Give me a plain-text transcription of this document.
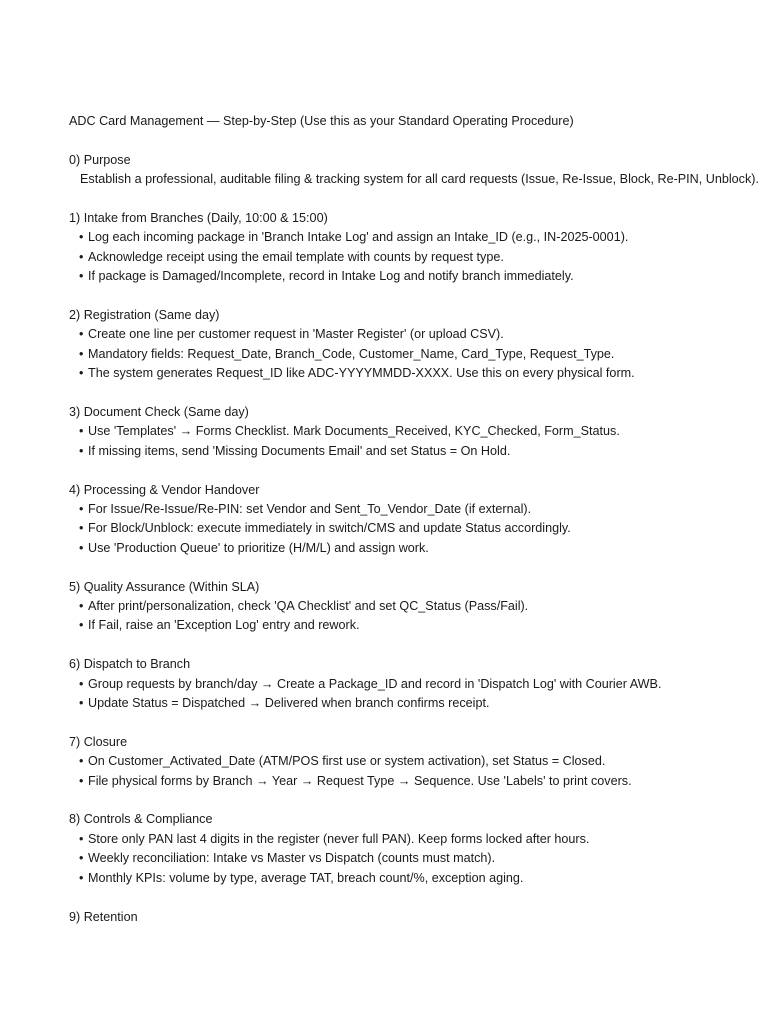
ADC Card Management — Step-by-Step (Use this as your Standard Operating Procedure)

0) Purpose

Establish a professional, auditable filing & tracking system for all card requests (Issue, Re-Issue, Block, Re-PIN, Unblock).

1) Intake from Branches (Daily, 10:00 & 15:00)

• Log each incoming package in 'Branch Intake Log' and assign an Intake_ID (e.g., IN-2025-0001).
• Acknowledge receipt using the email template with counts by request type.
• If package is Damaged/Incomplete, record in Intake Log and notify branch immediately.

2) Registration (Same day)

• Create one line per customer request in 'Master Register' (or upload CSV).
• Mandatory fields: Request_Date, Branch_Code, Customer_Name, Card_Type, Request_Type.
• The system generates Request_ID like ADC-YYYYMMDD-XXXX. Use this on every physical form.

3) Document Check (Same day)

• Use 'Templates' → Forms Checklist. Mark Documents_Received, KYC_Checked, Form_Status.
• If missing items, send 'Missing Documents Email' and set Status = On Hold.

4) Processing & Vendor Handover

• For Issue/Re-Issue/Re-PIN: set Vendor and Sent_To_Vendor_Date (if external).
• For Block/Unblock: execute immediately in switch/CMS and update Status accordingly.
• Use 'Production Queue' to prioritize (H/M/L) and assign work.

5) Quality Assurance (Within SLA)

• After print/personalization, check 'QA Checklist' and set QC_Status (Pass/Fail).
• If Fail, raise an 'Exception Log' entry and rework.

6) Dispatch to Branch

• Group requests by branch/day → Create a Package_ID and record in 'Dispatch Log' with Courier AWB.
• Update Status = Dispatched → Delivered when branch confirms receipt.

7) Closure

• On Customer_Activated_Date (ATM/POS first use or system activation), set Status = Closed.
• File physical forms by Branch → Year → Request Type → Sequence. Use 'Labels' to print covers.

8) Controls & Compliance

• Store only PAN last 4 digits in the register (never full PAN). Keep forms locked after hours.
• Weekly reconciliation: Intake vs Master vs Dispatch (counts must match).
• Monthly KPIs: volume by type, average TAT, breach count/%, exception aging.

9) Retention
